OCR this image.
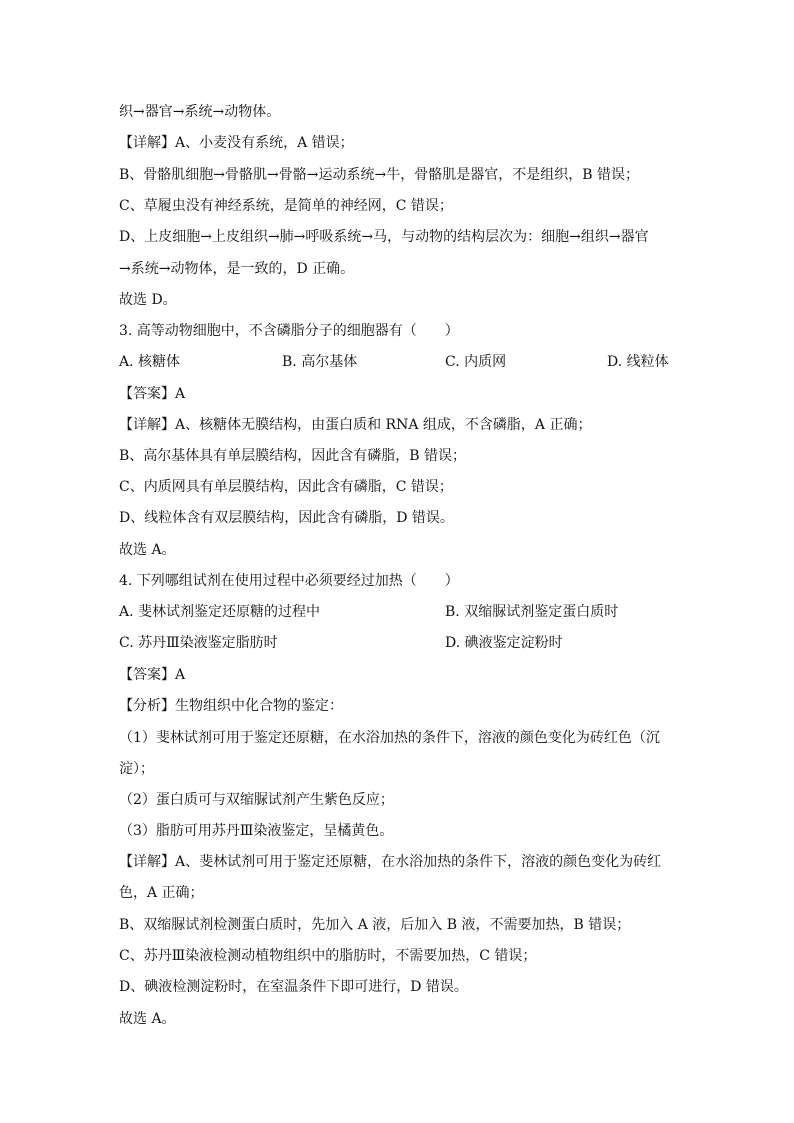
织→器官→系统→动物体。
【详解】A、小麦没有系统，A 错误；
B、骨骼肌细胞→骨骼肌→骨骼→运动系统→牛，骨骼肌是器官，不是组织，B 错误；
C、草履虫没有神经系统，是简单的神经网，C 错误；
D、上皮细胞→上皮组织→肺→呼吸系统→马，与动物的结构层次为：细胞→组织→器官
→系统→动物体，是一致的，D 正确。
故选 D。
3. 高等动物细胞中，不含磷脂分子的细胞器有（　　）
A. 核糖体	B. 高尔基体	C. 内质网	D. 线粒体
【答案】A
【详解】A、核糖体无膜结构，由蛋白质和 RNA 组成，不含磷脂，A 正确；
B、高尔基体具有单层膜结构，因此含有磷脂，B 错误；
C、内质网具有单层膜结构，因此含有磷脂，C 错误；
D、线粒体含有双层膜结构，因此含有磷脂，D 错误。
故选 A。
4. 下列哪组试剂在使用过程中必须要经过加热（　　）
A. 斐林试剂鉴定还原糖的过程中	B. 双缩脲试剂鉴定蛋白质时
C. 苏丹Ⅲ染液鉴定脂肪时	D. 碘液鉴定淀粉时
【答案】A
【分析】生物组织中化合物的鉴定：
（1）斐林试剂可用于鉴定还原糖，在水浴加热的条件下，溶液的颜色变化为砖红色（沉
淀）；
（2）蛋白质可与双缩脲试剂产生紫色反应；
（3）脂肪可用苏丹Ⅲ染液鉴定，呈橘黄色。
【详解】A、斐林试剂可用于鉴定还原糖，在水浴加热的条件下，溶液的颜色变化为砖红
色，A 正确；
B、双缩脲试剂检测蛋白质时，先加入 A 液，后加入 B 液，不需要加热，B 错误；
C、苏丹Ⅲ染液检测动植物组织中的脂肪时，不需要加热，C 错误；
D、碘液检测淀粉时，在室温条件下即可进行，D 错误。
故选 A。
